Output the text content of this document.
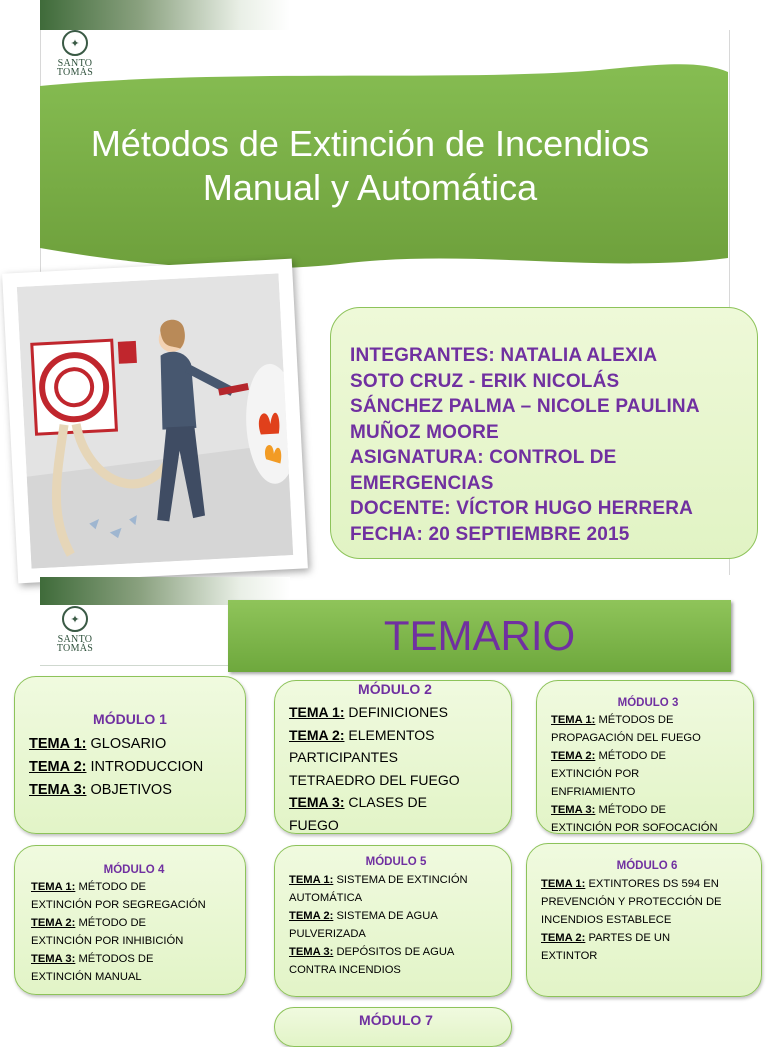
✦
SANTO
TOMÁS
Métodos de Extinción de Incendios
Manual y Automática
INTEGRANTES: NATALIA ALEXIA
SOTO CRUZ - ERIK NICOLÁS
SÁNCHEZ PALMA – NICOLE PAULINA
MUÑOZ MOORE
ASIGNATURA: CONTROL DE
EMERGENCIAS
DOCENTE: VÍCTOR HUGO HERRERA
FECHA: 20 SEPTIEMBRE 2015
✦
SANTO
TOMÁS	TEMARIO
MÓDULO 1
TEMA 1: GLOSARIO
TEMA 2: INTRODUCCION
TEMA 3: OBJETIVOS
MÓDULO 2
TEMA 1: DEFINICIONES
TEMA 2: ELEMENTOS
PARTICIPANTES
TETRAEDRO DEL FUEGO
TEMA 3: CLASES DE
FUEGO
MÓDULO 3
TEMA 1: MÉTODOS DE
PROPAGACIÓN DEL FUEGO
TEMA 2: MÉTODO DE
EXTINCIÓN POR
ENFRIAMIENTO
TEMA 3: MÉTODO DE
EXTINCIÓN POR SOFOCACIÓN
MÓDULO 4
TEMA 1: MÉTODO DE
EXTINCIÓN POR SEGREGACIÓN
TEMA 2: MÉTODO DE
EXTINCIÓN POR INHIBICIÓN
TEMA 3: MÉTODOS DE
EXTINCIÓN MANUAL
MÓDULO 5
TEMA 1: SISTEMA DE EXTINCIÓN
AUTOMÁTICA
TEMA 2: SISTEMA DE AGUA
PULVERIZADA
TEMA 3: DEPÓSITOS DE AGUA
CONTRA INCENDIOS
MÓDULO 6
TEMA 1: EXTINTORES DS 594 EN
PREVENCIÓN Y PROTECCIÓN DE
INCENDIOS ESTABLECE
TEMA 2: PARTES DE UN
EXTINTOR
MÓDULO 7
